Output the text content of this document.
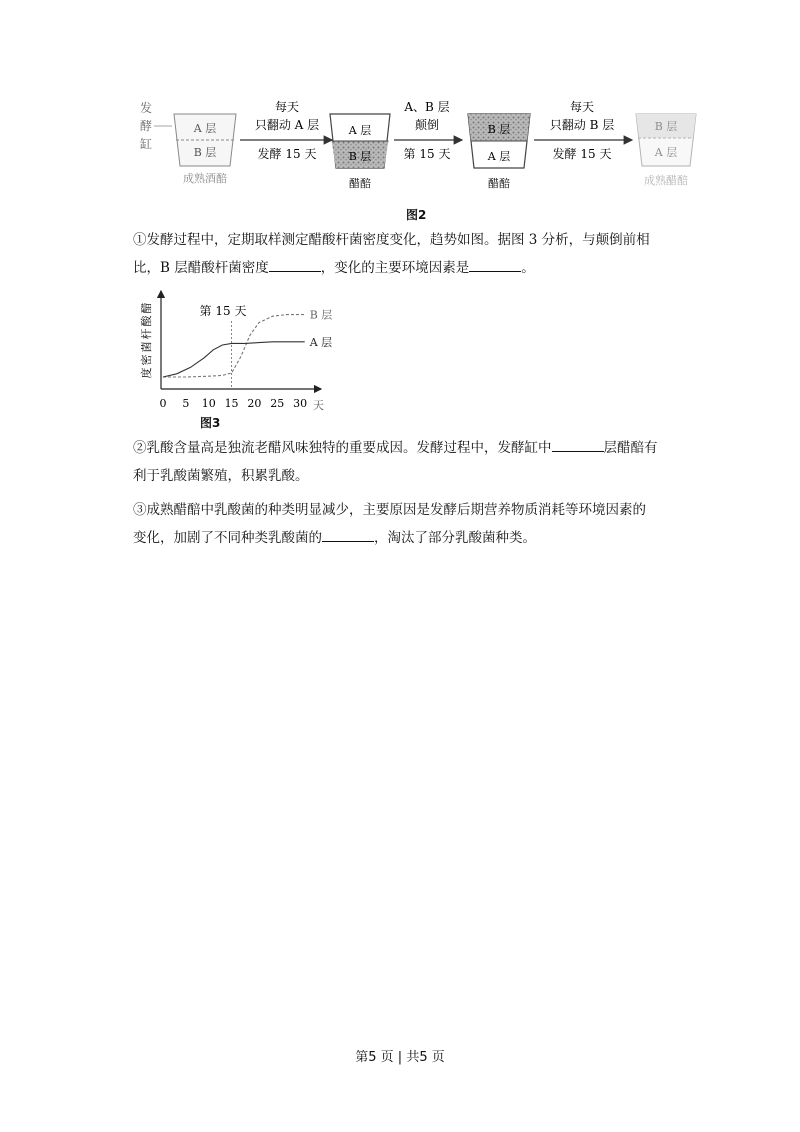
发
酵
缸
A 层
B 层
成熟酒醅
每天
只翻动 A 层
发酵 15 天
A 层
B 层
醋醅
A、B 层
颠倒
第 15 天
B 层
A 层
醋醅
每天
只翻动 B 层
发酵 15 天
B 层
A 层
成熟醋醅
图2
①发酵过程中，定期取样测定醋酸杆菌密度变化，趋势如图。据图 3 分析，与颠倒前相
比，B 层醋酸杆菌密度	，变化的主要环境因素是	。
醋
酸
杆
菌
密
度
第 15 天
天
0 5 10 15 20 25 30
B 层
A 层
图3
②乳酸含量高是独流老醋风味独特的重要成因。发酵过程中，发酵缸中	层醋醅有
利于乳酸菌繁殖，积累乳酸。
③成熟醋醅中乳酸菌的种类明显减少，主要原因是发酵后期营养物质消耗等环境因素的
变化，加剧了不同种类乳酸菌的	，淘汰了部分乳酸菌种类。
第5 页 | 共5 页
